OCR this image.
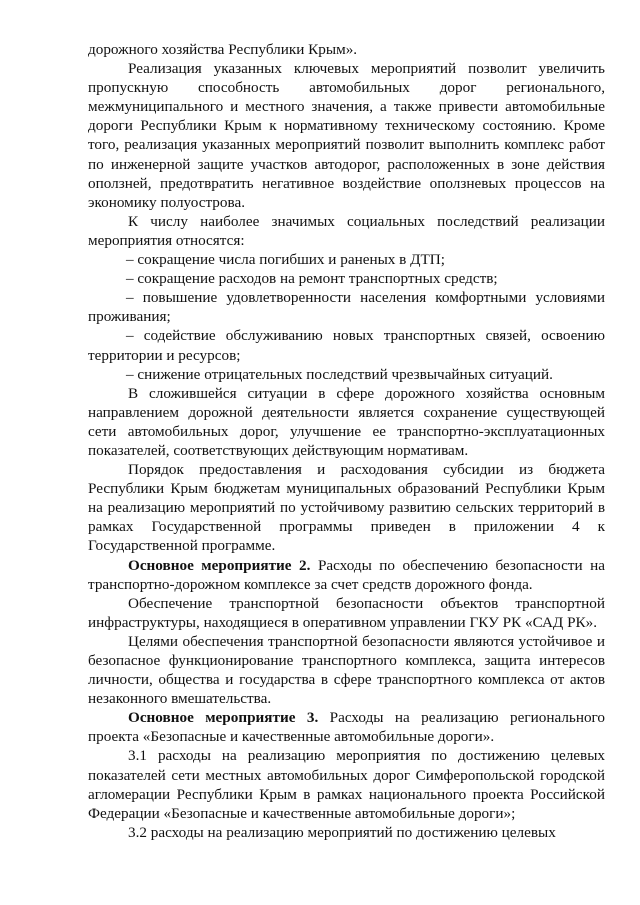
дорожного хозяйства Республики Крым».

Реализация указанных ключевых мероприятий позволит увеличить пропускную способность автомобильных дорог регионального, межмуниципального и местного значения, а также привести автомобильные дороги Республики Крым к нормативному техническому состоянию. Кроме того, реализация указанных мероприятий позволит выполнить комплекс работ по инженерной защите участков автодорог, расположенных в зоне действия оползней, предотвратить негативное воздействие оползневых процессов на экономику полуострова.

К числу наиболее значимых социальных последствий реализации мероприятия относятся:

– сокращение числа погибших и раненых в ДТП;

– сокращение расходов на ремонт транспортных средств;

– повышение удовлетворенности населения комфортными условиями проживания;

– содействие обслуживанию новых транспортных связей, освоению территории и ресурсов;

– снижение отрицательных последствий чрезвычайных ситуаций.

В сложившейся ситуации в сфере дорожного хозяйства основным направлением дорожной деятельности является сохранение существующей сети автомобильных дорог, улучшение ее транспортно-эксплуатационных показателей, соответствующих действующим нормативам.

Порядок предоставления и расходования субсидии из бюджета Республики Крым бюджетам муниципальных образований Республики Крым на реализацию мероприятий по устойчивому развитию сельских территорий в рамках Государственной программы приведен в приложении 4 к Государственной программе.

Основное мероприятие 2. Расходы по обеспечению безопасности на транспортно-дорожном комплексе за счет средств дорожного фонда.

Обеспечение транспортной безопасности объектов транспортной инфраструктуры, находящиеся в оперативном управлении ГКУ РК «САД РК».

Целями обеспечения транспортной безопасности являются устойчивое и безопасное функционирование транспортного комплекса, защита интересов личности, общества и государства в сфере транспортного комплекса от актов незаконного вмешательства.

Основное мероприятие 3. Расходы на реализацию регионального проекта «Безопасные и качественные автомобильные дороги».

3.1 расходы на реализацию мероприятия по достижению целевых показателей сети местных автомобильных дорог Симферопольской городской агломерации Республики Крым в рамках национального проекта Российской Федерации «Безопасные и качественные автомобильные дороги»;

3.2 расходы на реализацию мероприятий по достижению целевых
